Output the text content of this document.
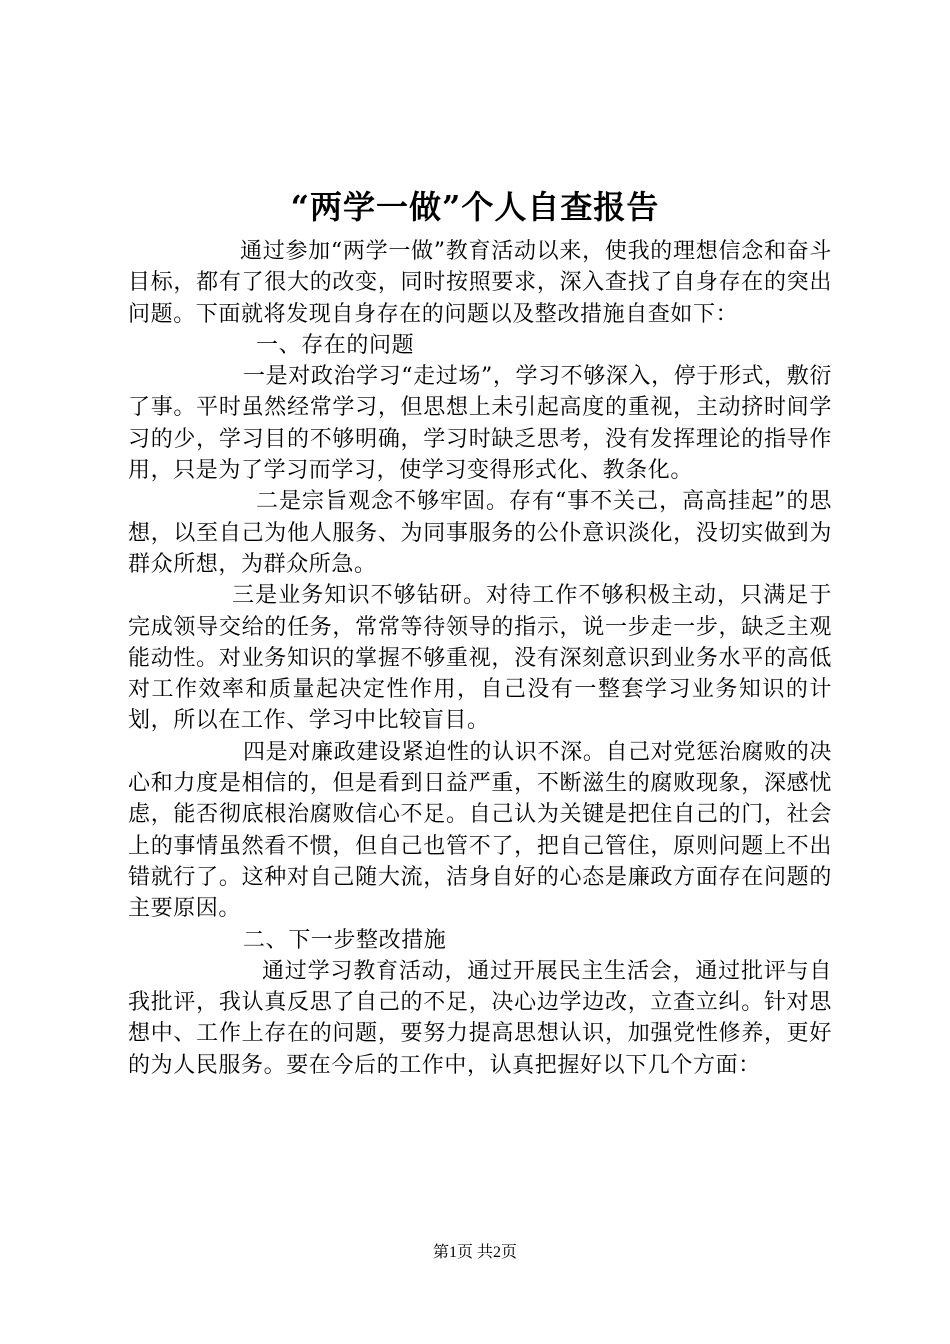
“两学一做”个人自查报告

通过参加“两学一做”教育活动以来，使我的理想信念和奋斗目标，都有了很大的改变，同时按照要求，深入查找了自身存在的突出问题。下面就将发现自身存在的问题以及整改措施自查如下：

一、存在的问题

一是对政治学习“走过场”，学习不够深入，停于形式，敷衍了事。平时虽然经常学习，但思想上未引起高度的重视，主动挤时间学习的少，学习目的不够明确，学习时缺乏思考，没有发挥理论的指导作用，只是为了学习而学习，使学习变得形式化、教条化。

二是宗旨观念不够牢固。存有“事不关己，高高挂起”的思想，以至自己为他人服务、为同事服务的公仆意识淡化，没切实做到为群众所想，为群众所急。

三是业务知识不够钻研。对待工作不够积极主动，只满足于完成领导交给的任务，常常等待领导的指示，说一步走一步，缺乏主观能动性。对业务知识的掌握不够重视，没有深刻意识到业务水平的高低对工作效率和质量起决定性作用，自己没有一整套学习业务知识的计划，所以在工作、学习中比较盲目。

四是对廉政建设紧迫性的认识不深。自己对党惩治腐败的决心和力度是相信的，但是看到日益严重，不断滋生的腐败现象，深感忧虑，能否彻底根治腐败信心不足。自己认为关键是把住自己的门，社会上的事情虽然看不惯，但自己也管不了，把自己管住，原则问题上不出错就行了。这种对自己随大流，洁身自好的心态是廉政方面存在问题的主要原因。

二、下一步整改措施

通过学习教育活动，通过开展民主生活会，通过批评与自我批评，我认真反思了自己的不足，决心边学边改，立查立纠。针对思想中、工作上存在的问题，要努力提高思想认识，加强党性修养，更好的为人民服务。要在今后的工作中，认真把握好以下几个方面：

第1页 共2页
